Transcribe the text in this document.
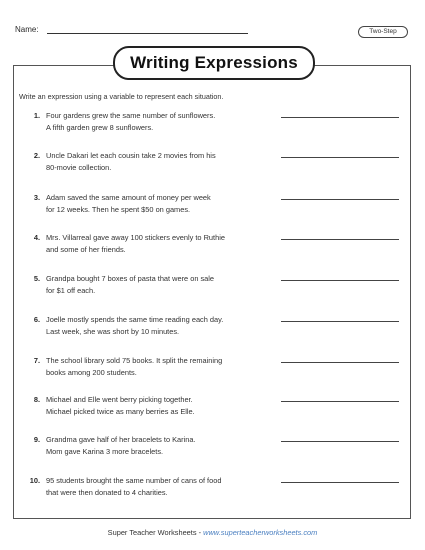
Name:	Two-Step
Writing Expressions
Write an expression using a variable to represent each situation.
1. Four gardens grew the same number of sunflowers.
A fifth garden grew 8 sunflowers.
2. Uncle Dakari let each cousin take 2 movies from his
80-movie collection.
3. Adam saved the same amount of money per week
for 12 weeks. Then he spent $50 on games.
4. Mrs. Villarreal gave away 100 stickers evenly to Ruthie
and some of her friends.
5. Grandpa bought 7 boxes of pasta that were on sale
for $1 off each.
6. Joelle mostly spends the same time reading each day.
Last week, she was short by 10 minutes.
7. The school library sold 75 books. It split the remaining
books among 200 students.
8. Michael and Elle went berry picking together.
Michael picked twice as many berries as Elle.
9. Grandma gave half of her bracelets to Karina.
Mom gave Karina 3 more bracelets.
10. 95 students brought the same number of cans of food
that were then donated to 4 charities.
Super Teacher Worksheets - www.superteacherworksheets.com
